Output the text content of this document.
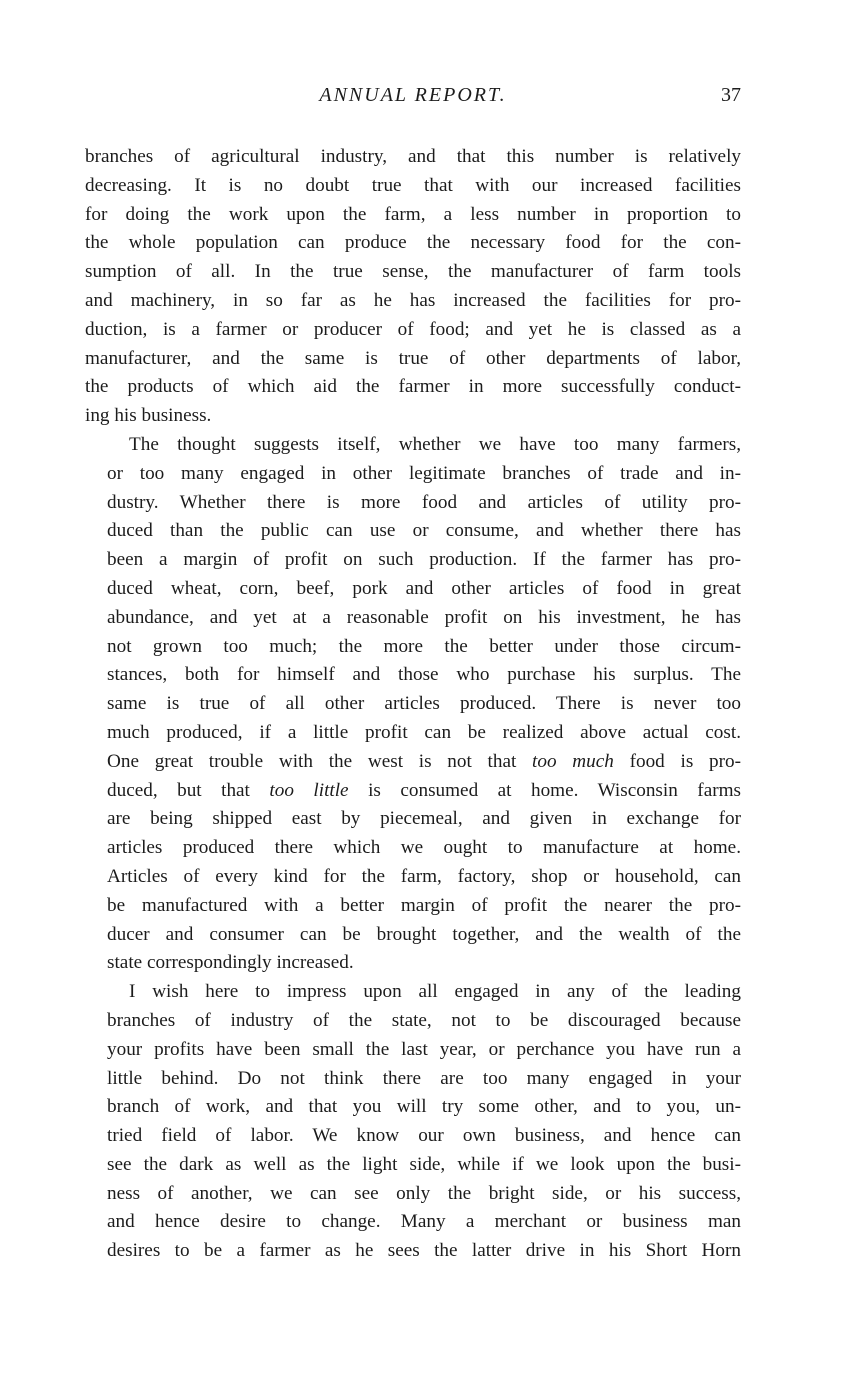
ANNUAL REPORT.	37
branches of agricultural industry, and that this number is relatively
decreasing. It is no doubt true that with our increased facilities
for doing the work upon the farm, a less number in proportion to
the whole population can produce the necessary food for the con-
sumption of all. In the true sense, the manufacturer of farm tools
and machinery, in so far as he has increased the facilities for pro-
duction, is a farmer or producer of food; and yet he is classed as a
manufacturer, and the same is true of other departments of labor,
the products of which aid the farmer in more successfully conduct-
ing his business.
The thought suggests itself, whether we have too many farmers,
or too many engaged in other legitimate branches of trade and in-
dustry. Whether there is more food and articles of utility pro-
duced than the public can use or consume, and whether there has
been a margin of profit on such production. If the farmer has pro-
duced wheat, corn, beef, pork and other articles of food in great
abundance, and yet at a reasonable profit on his investment, he has
not grown too much; the more the better under those circum-
stances, both for himself and those who purchase his surplus. The
same is true of all other articles produced. There is never too
much produced, if a little profit can be realized above actual cost.
One great trouble with the west is not that too much food is pro-
duced, but that too little is consumed at home. Wisconsin farms
are being shipped east by piecemeal, and given in exchange for
articles produced there which we ought to manufacture at home.
Articles of every kind for the farm, factory, shop or household, can
be manufactured with a better margin of profit the nearer the pro-
ducer and consumer can be brought together, and the wealth of the
state correspondingly increased.
I wish here to impress upon all engaged in any of the leading
branches of industry of the state, not to be discouraged because
your profits have been small the last year, or perchance you have run a
little behind. Do not think there are too many engaged in your
branch of work, and that you will try some other, and to you, un-
tried field of labor. We know our own business, and hence can
see the dark as well as the light side, while if we look upon the busi-
ness of another, we can see only the bright side, or his success,
and hence desire to change. Many a merchant or business man
desires to be a farmer as he sees the latter drive in his Short Horn
